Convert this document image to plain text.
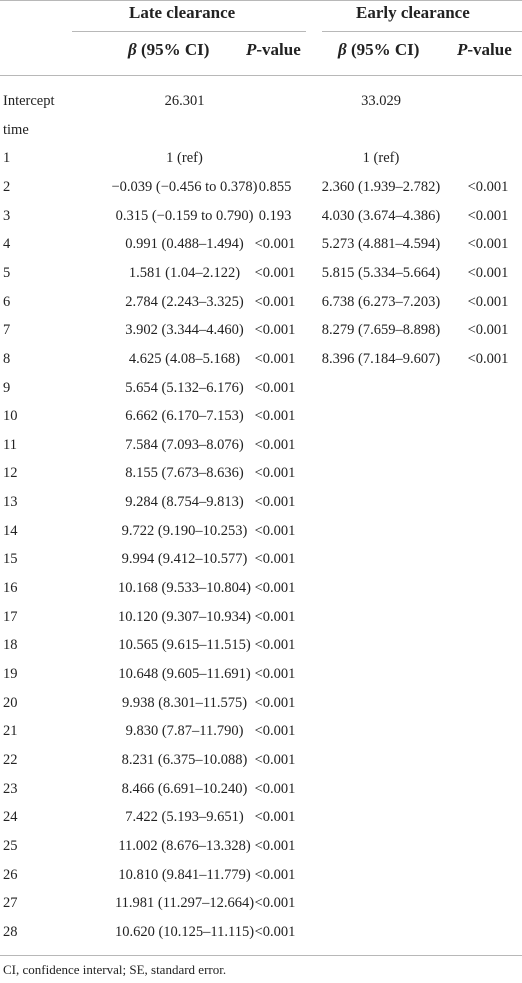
Late clearance	Early clearance
β (95% CI) P-value β (95% CI) P-value
Intercept	26.301	33.029
time
1	1 (ref)	1 (ref)
2	−0.039 (−0.456 to 0.378) 0.855	2.360 (1.939–2.782)	<0.001
3	0.315 (−0.159 to 0.790) 0.193	4.030 (3.674–4.386)	<0.001
4	0.991 (0.488–1.494) <0.001	5.273 (4.881–4.594)	<0.001
5	1.581 (1.04–2.122)	<0.001	5.815 (5.334–5.664)	<0.001
6	2.784 (2.243–3.325) <0.001	6.738 (6.273–7.203)	<0.001
7	3.902 (3.344–4.460) <0.001	8.279 (7.659–8.898)	<0.001
8	4.625 (4.08–5.168)	<0.001	8.396 (7.184–9.607)	<0.001
9	5.654 (5.132–6.176) <0.001
10	6.662 (6.170–7.153) <0.001
11	7.584 (7.093–8.076) <0.001
12	8.155 (7.673–8.636) <0.001
13	9.284 (8.754–9.813) <0.001
14	9.722 (9.190–10.253) <0.001
15	9.994 (9.412–10.577) <0.001
16	10.168 (9.533–10.804) <0.001
17	10.120 (9.307–10.934) <0.001
18	10.565 (9.615–11.515) <0.001
19	10.648 (9.605–11.691) <0.001
20	9.938 (8.301–11.575) <0.001
21	9.830 (7.87–11.790) <0.001
22	8.231 (6.375–10.088) <0.001
23	8.466 (6.691–10.240) <0.001
24	7.422 (5.193–9.651) <0.001
25	11.002 (8.676–13.328) <0.001
26	10.810 (9.841–11.779) <0.001
27	11.981 (11.297–12.664) <0.001
28	10.620 (10.125–11.115) <0.001
CI, confidence interval; SE, standard error.
